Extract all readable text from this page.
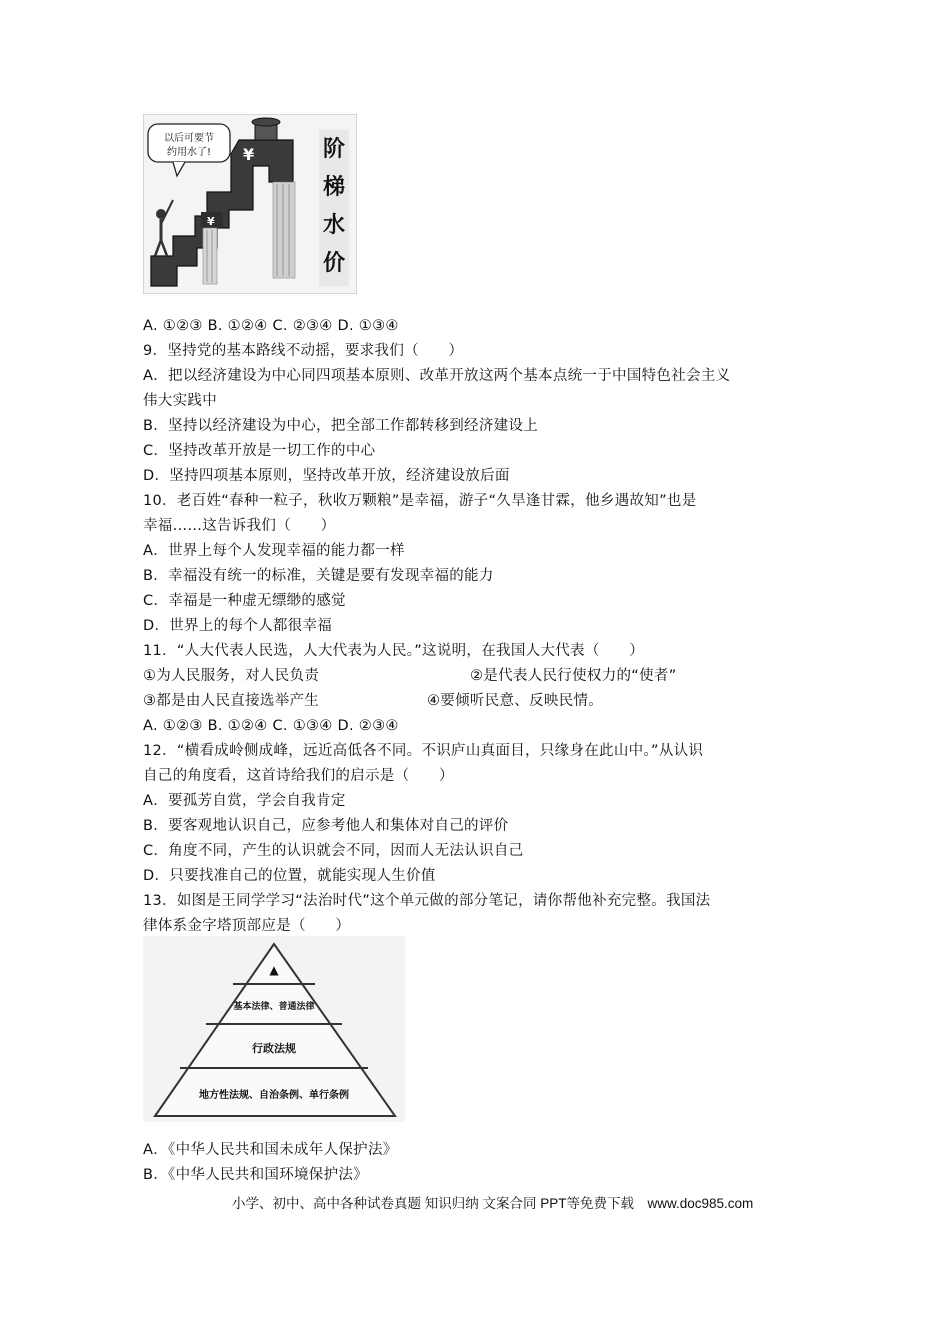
以后可要节
约用水了! ¥
¥
阶
梯
水
价
A. ①②③ B. ①②④ C. ②③④ D. ①③④
9．坚持党的基本路线不动摇，要求我们（　　）
A．把以经济建设为中心同四项基本原则、改革开放这两个基本点统一于中国特色社会主义
伟大实践中
B．坚持以经济建设为中心，把全部工作都转移到经济建设上
C．坚持改革开放是一切工作的中心
D．坚持四项基本原则，坚持改革开放，经济建设放后面
10．老百姓“春种一粒子，秋收万颗粮”是幸福，游子“久旱逢甘霖，他乡遇故知”也是
幸福……这告诉我们（　　）
A．世界上每个人发现幸福的能力都一样
B．幸福没有统一的标准，关键是要有发现幸福的能力
C．幸福是一种虚无缥缈的感觉
D．世界上的每个人都很幸福
11．“人大代表人民选，人大代表为人民。”这说明，在我国人大代表（　　）
①为人民服务，对人民负责	②是代表人民行使权力的“使者”
③都是由人民直接选举产生	④要倾听民意、反映民情。
A. ①②③ B. ①②④ C. ①③④ D. ②③④
12．“横看成岭侧成峰，远近高低各不同。不识庐山真面目，只缘身在此山中。”从认识
自己的角度看，这首诗给我们的启示是（　　）
A．要孤芳自赏，学会自我肯定
B．要客观地认识自己，应参考他人和集体对自己的评价
C．角度不同，产生的认识就会不同，因而人无法认识自己
D．只要找准自己的位置，就能实现人生价值
13．如图是王同学学习“法治时代”这个单元做的部分笔记，请你帮他补充完整。我国法
律体系金字塔顶部应是（　　）
▲
基本法律、普通法律
行政法规
地方性法规、自治条例、单行条例
A．《中华人民共和国未成年人保护法》
B．《中华人民共和国环境保护法》
小学、初中、高中各种试卷真题 知识归纳 文案合同 PPT等免费下载　www.doc985.com
